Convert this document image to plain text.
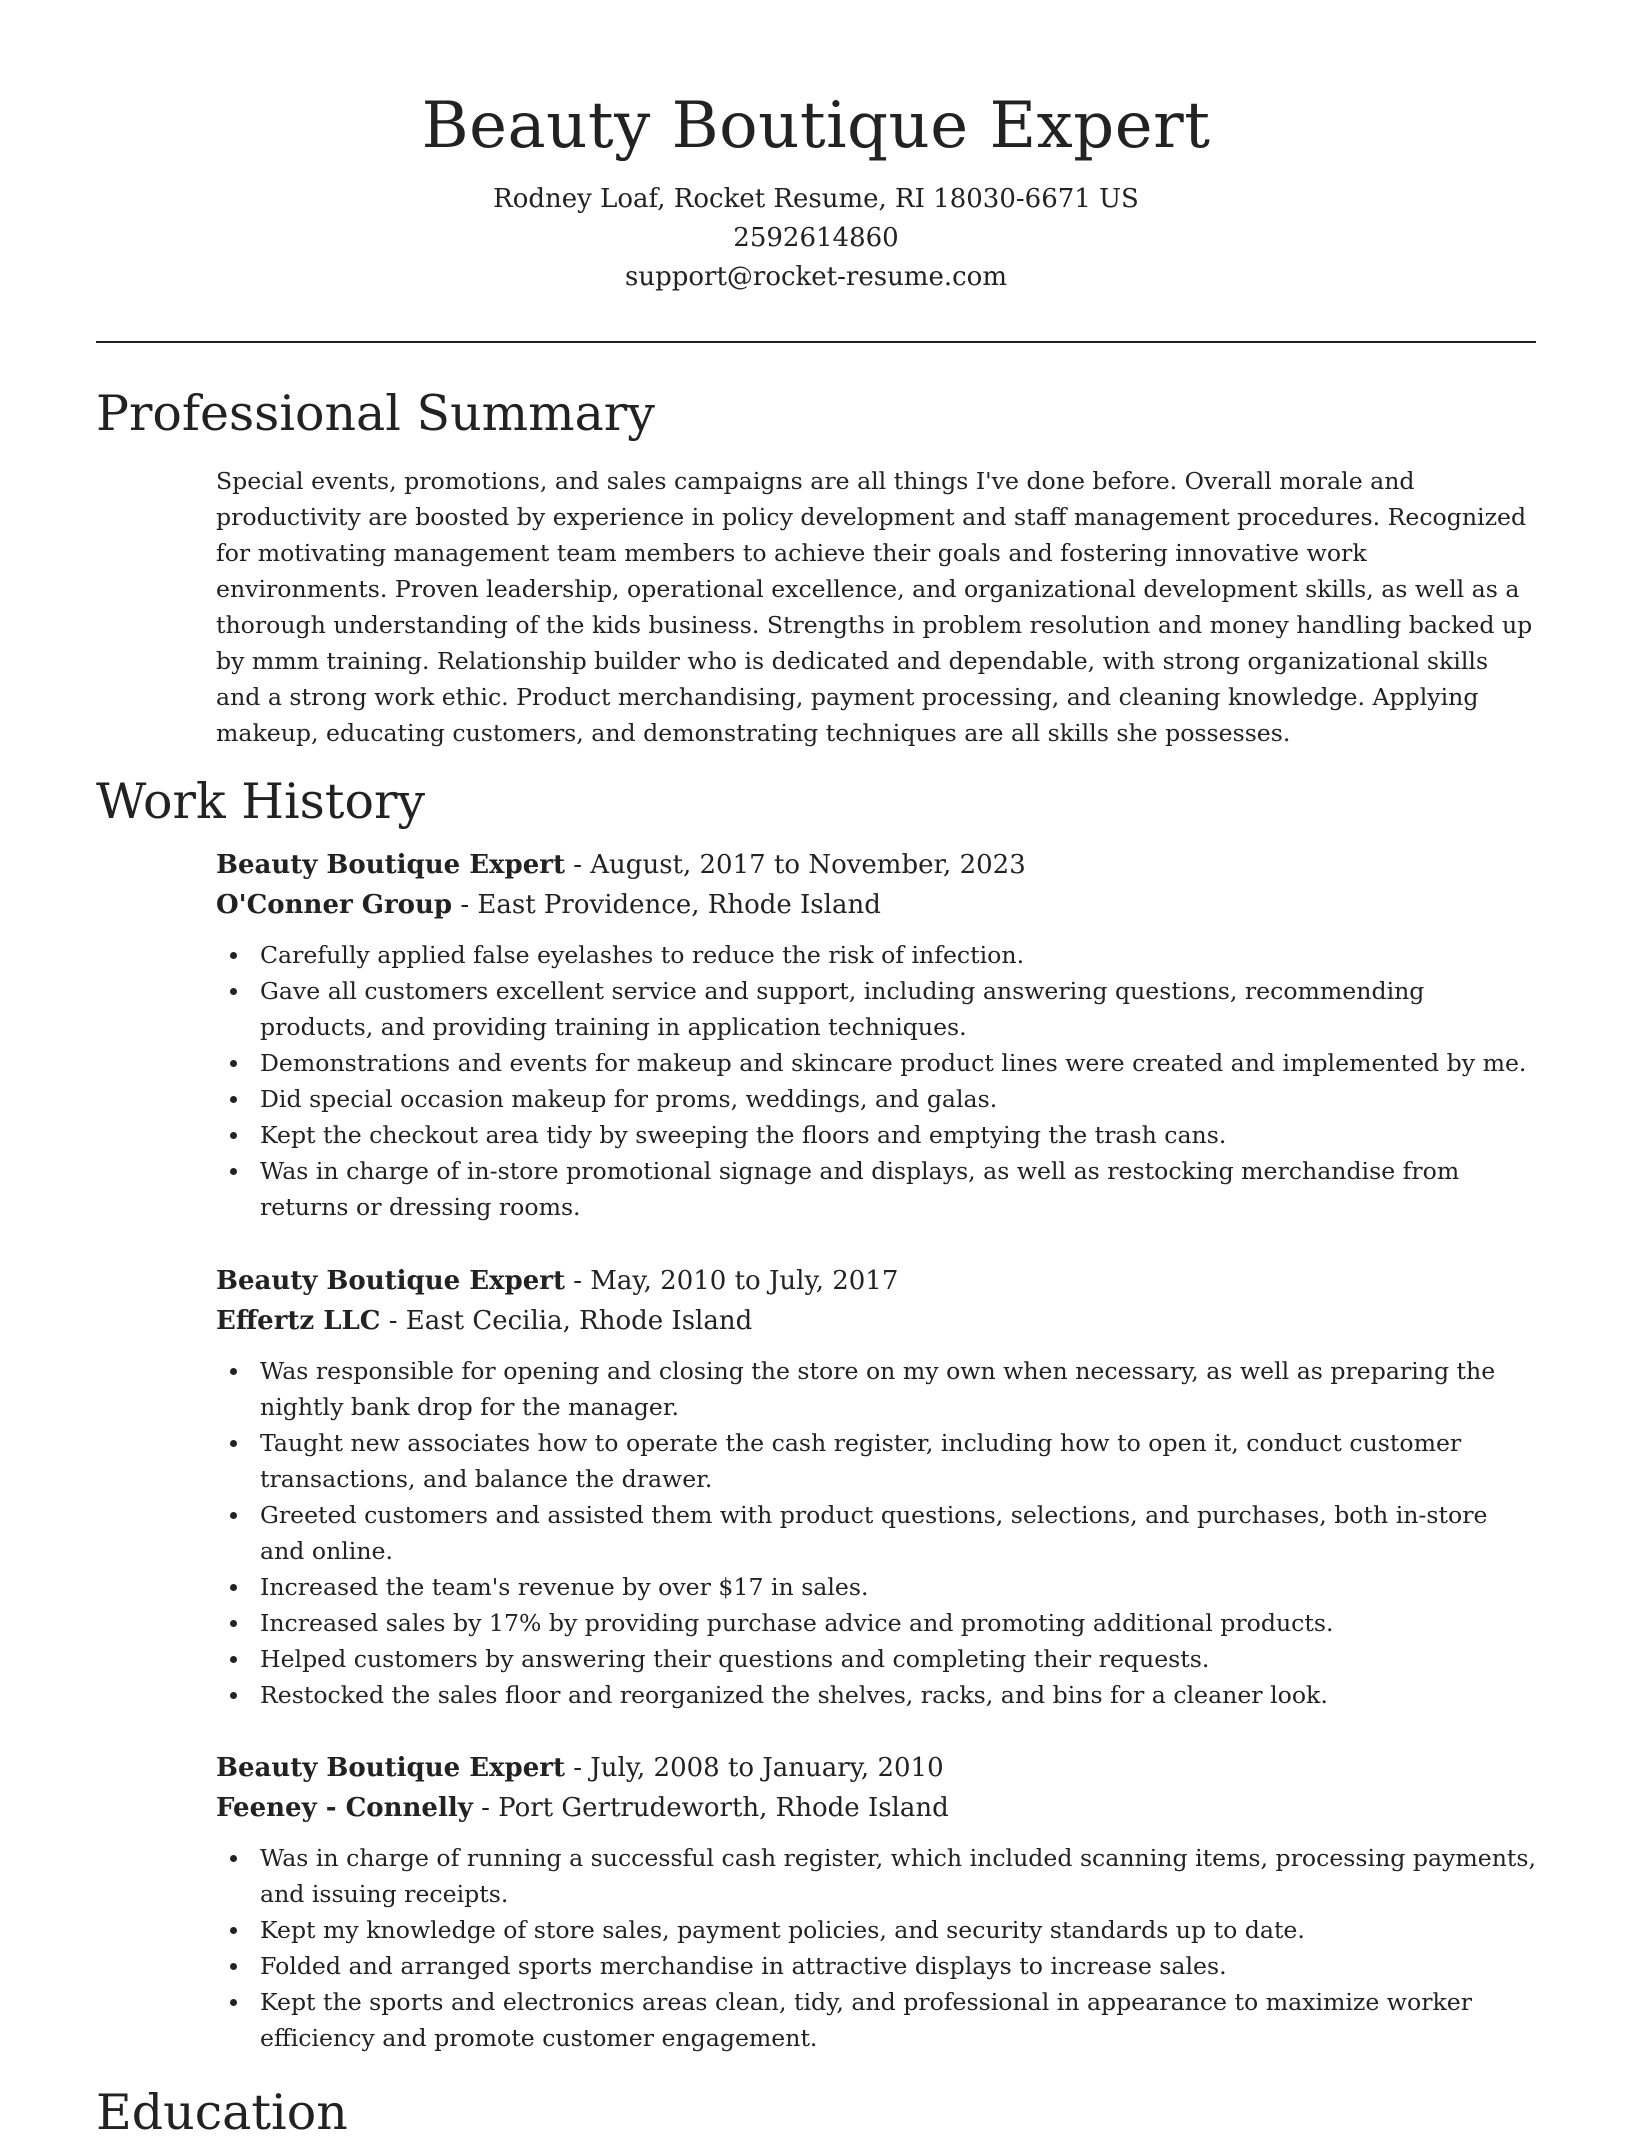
Beauty Boutique Expert
Rodney Loaf, Rocket Resume, RI 18030-6671 US
2592614860
support@rocket-resume.com
Professional Summary

Special events, promotions, and sales campaigns are all things I've done before. Overall morale and productivity are boosted by experience in policy development and staff management procedures. Recognized for motivating management team members to achieve their goals and fostering innovative work environments. Proven leadership, operational excellence, and organizational development skills, as well as a thorough understanding of the kids business. Strengths in problem resolution and money handling backed up by mmm training. Relationship builder who is dedicated and dependable, with strong organizational skills and a strong work ethic. Product merchandising, payment processing, and cleaning knowledge. Applying makeup, educating customers, and demonstrating techniques are all skills she possesses.

Work History
Beauty Boutique Expert - August, 2017 to November, 2023
O'Conner Group - East Providence, Rhode Island
Carefully applied false eyelashes to reduce the risk of infection.
Gave all customers excellent service and support, including answering questions, recommending products, and providing training in application techniques.
Demonstrations and events for makeup and skincare product lines were created and implemented by me.
Did special occasion makeup for proms, weddings, and galas.
Kept the checkout area tidy by sweeping the floors and emptying the trash cans.
Was in charge of in-store promotional signage and displays, as well as restocking merchandise from returns or dressing rooms.
Beauty Boutique Expert - May, 2010 to July, 2017
Effertz LLC - East Cecilia, Rhode Island
Was responsible for opening and closing the store on my own when necessary, as well as preparing the nightly bank drop for the manager.
Taught new associates how to operate the cash register, including how to open it, conduct customer transactions, and balance the drawer.
Greeted customers and assisted them with product questions, selections, and purchases, both in-store and online.
Increased the team's revenue by over $17 in sales.
Increased sales by 17% by providing purchase advice and promoting additional products.
Helped customers by answering their questions and completing their requests.
Restocked the sales floor and reorganized the shelves, racks, and bins for a cleaner look.
Beauty Boutique Expert - July, 2008 to January, 2010
Feeney - Connelly - Port Gertrudeworth, Rhode Island
Was in charge of running a successful cash register, which included scanning items, processing payments, and issuing receipts.
Kept my knowledge of store sales, payment policies, and security standards up to date.
Folded and arranged sports merchandise in attractive displays to increase sales.
Kept the sports and electronics areas clean, tidy, and professional in appearance to maximize worker efficiency and promote customer engagement.
Education
